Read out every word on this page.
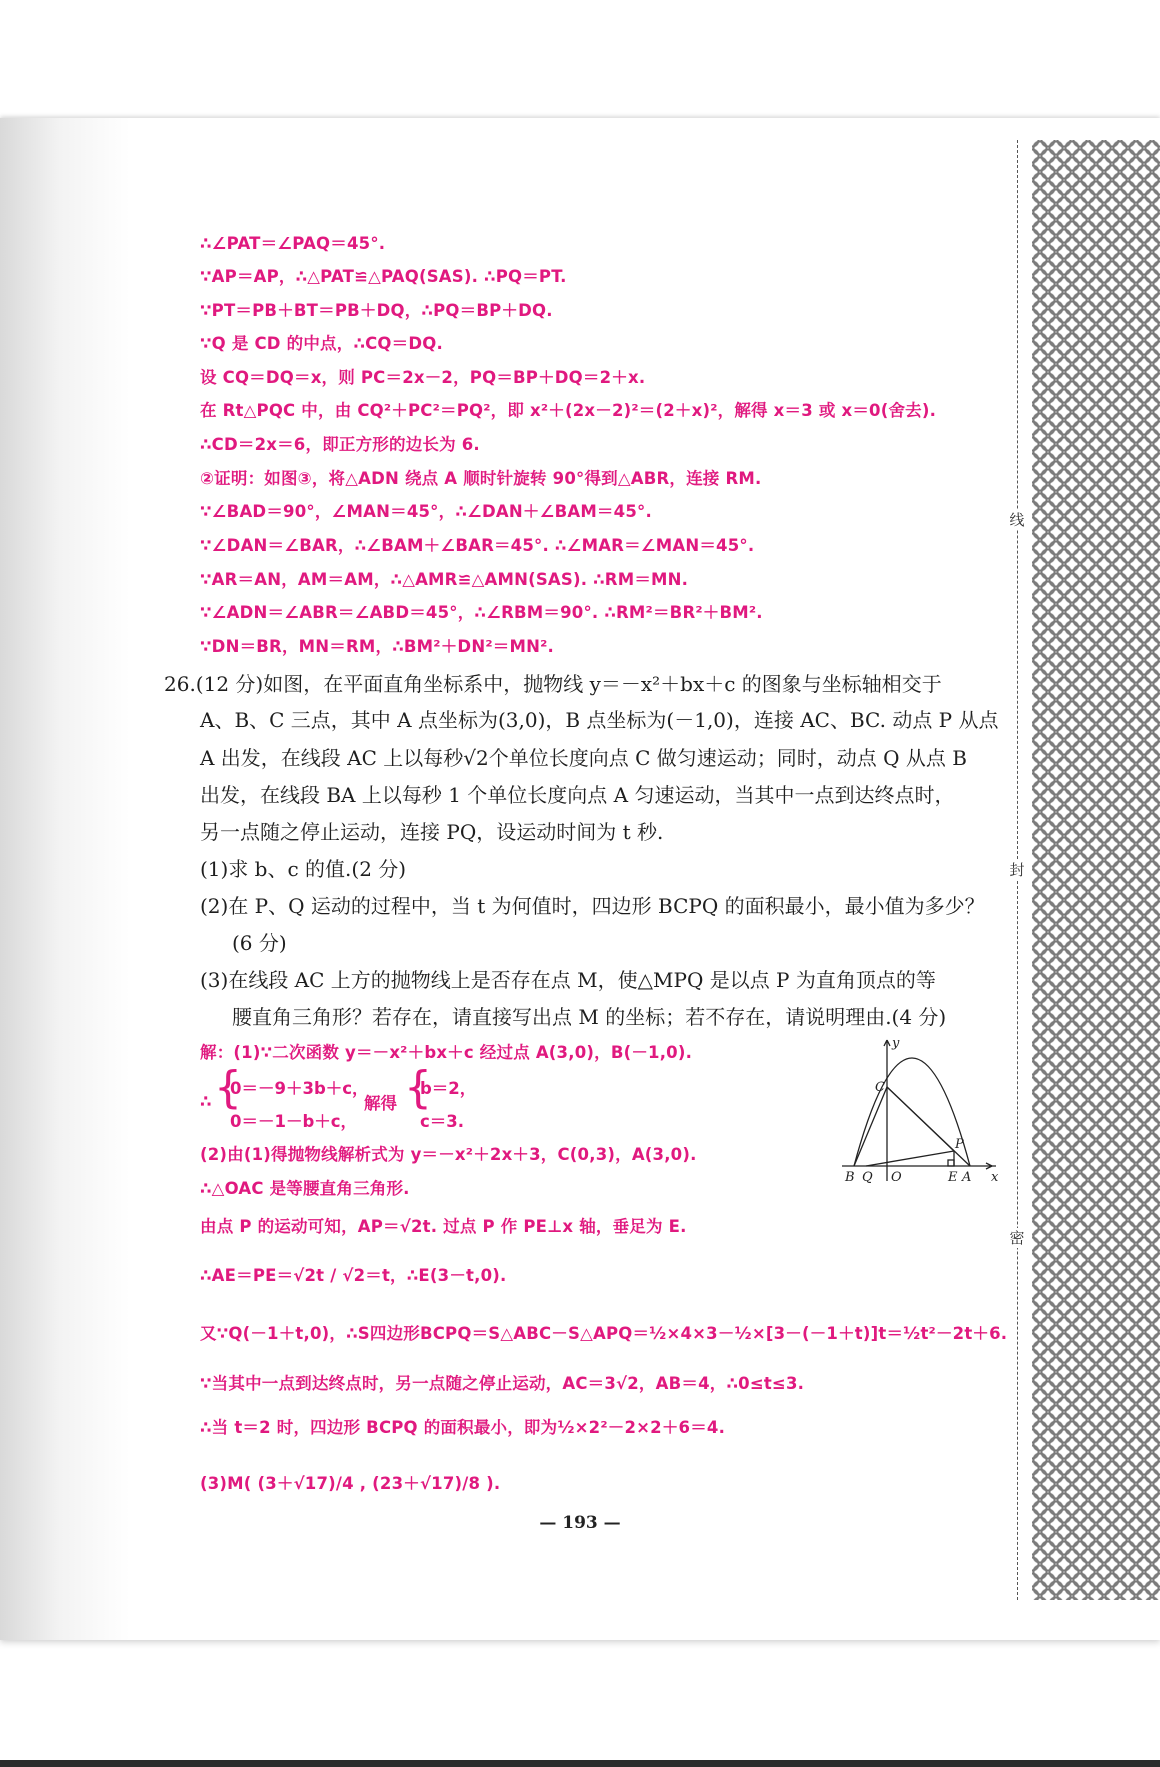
线
封
密
∴∠PAT＝∠PAQ＝45°.
∵AP＝AP，∴△PAT≌△PAQ(SAS). ∴PQ＝PT.
∵PT＝PB＋BT＝PB＋DQ，∴PQ＝BP＋DQ.
∵Q 是 CD 的中点，∴CQ＝DQ.
设 CQ＝DQ＝x，则 PC＝2x－2，PQ＝BP＋DQ＝2＋x.
在 Rt△PQC 中，由 CQ²＋PC²＝PQ²，即 x²＋(2x－2)²＝(2＋x)²，解得 x＝3 或 x＝0(舍去).
∴CD＝2x＝6，即正方形的边长为 6.
②证明：如图③，将△ADN 绕点 A 顺时针旋转 90°得到△ABR，连接 RM.
∵∠BAD＝90°，∠MAN＝45°，∴∠DAN＋∠BAM＝45°.
∵∠DAN＝∠BAR，∴∠BAM＋∠BAR＝45°. ∴∠MAR＝∠MAN＝45°.
∵AR＝AN，AM＝AM，∴△AMR≌△AMN(SAS). ∴RM＝MN.
∵∠ADN＝∠ABR＝∠ABD＝45°，∴∠RBM＝90°. ∴RM²＝BR²＋BM².
∵DN＝BR，MN＝RM，∴BM²＋DN²＝MN².
26.(12 分)如图，在平面直角坐标系中，抛物线 y＝－x²＋bx＋c 的图象与坐标轴相交于
A、B、C 三点，其中 A 点坐标为(3,0)，B 点坐标为(－1,0)，连接 AC、BC. 动点 P 从点
A 出发，在线段 AC 上以每秒√2个单位长度向点 C 做匀速运动；同时，动点 Q 从点 B
出发，在线段 BA 上以每秒 1 个单位长度向点 A 匀速运动，当其中一点到达终点时，
另一点随之停止运动，连接 PQ，设运动时间为 t 秒.
(1)求 b、c 的值.(2 分)
(2)在 P、Q 运动的过程中，当 t 为何值时，四边形 BCPQ 的面积最小，最小值为多少？
(6 分)
(3)在线段 AC 上方的抛物线上是否存在点 M，使△MPQ 是以点 P 为直角顶点的等
腰直角三角形？若存在，请直接写出点 M 的坐标；若不存在，请说明理由.(4 分)
解：(1)∵二次函数 y＝－x²＋bx＋c 经过点 A(3,0)，B(－1,0).
∴ {
0＝－9＋3b＋c，
0＝－1－b＋c，
解得 {
b＝2，
c＝3.
(2)由(1)得抛物线解析式为 y＝－x²＋2x＋3，C(0,3)，A(3,0).
∴△OAC 是等腰直角三角形.
由点 P 的运动可知，AP＝√2t. 过点 P 作 PE⊥x 轴，垂足为 E.
∴AE＝PE＝√2t / √2＝t，∴E(3－t,0).
又∵Q(－1＋t,0)，∴S四边形BCPQ＝S△ABC－S△APQ＝½×4×3－½×[3－(－1＋t)]t＝½t²－2t＋6.
∵当其中一点到达终点时，另一点随之停止运动，AC＝3√2，AB＝4，∴0≤t≤3.
∴当 t＝2 时，四边形 BCPQ 的面积最小，即为½×2²－2×2＋6＝4.
(3)M( (3＋√17)/4 , (23＋√17)/8 ).
y
x
C
P
B Q O	E A
— 193 —
